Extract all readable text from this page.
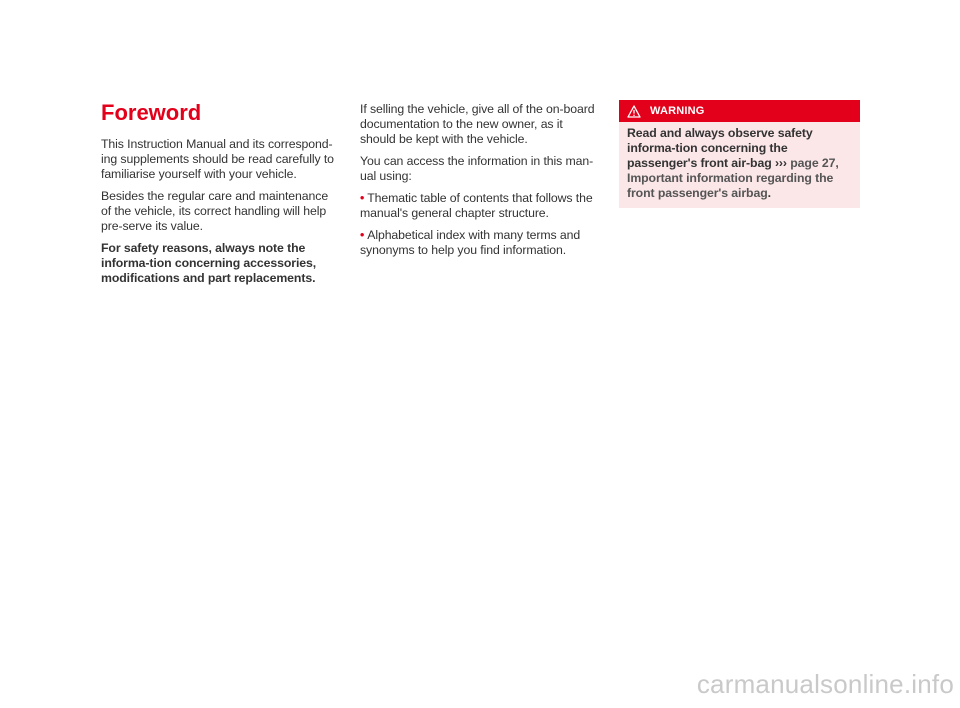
Foreword

This Instruction Manual and its correspond-ing supplements should be read carefully to familiarise yourself with your vehicle.

Besides the regular care and maintenance of the vehicle, its correct handling will help pre-serve its value.

For safety reasons, always note the informa-tion concerning accessories, modifications and part replacements.

If selling the vehicle, give all of the on-board documentation to the new owner, as it should be kept with the vehicle.

You can access the information in this man-ual using:

• Thematic table of contents that follows the manual's general chapter structure.
• Alphabetical index with many terms and synonyms to help you find information.
WARNING
Read and always observe safety informa-tion concerning the passenger's front air-bag ››› page 27, Important information regarding the front passenger's airbag.
carmanualsonline.info
